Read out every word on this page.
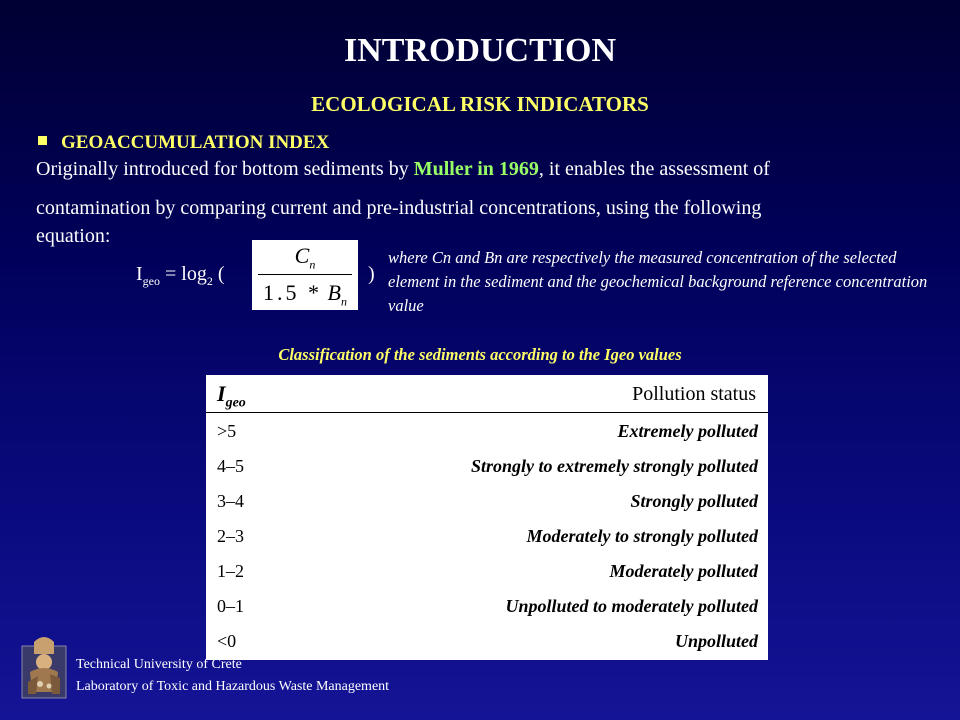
INTRODUCTION
ECOLOGICAL RISK INDICATORS
GEOACCUMULATION INDEX
Originally introduced for bottom sediments by Muller in 1969, it enables the assessment of
contamination by comparing current and pre-industrial concentrations, using the following
equation:
$I_{geo} = \log_2$ (
$C_n$
$1.5 * B_n$
)
where Cn and Bn are respectively the measured concentration of the selected element in the sediment and the geochemical background reference concentration value
Classification of the sediments according to the Igeo values
$I_{geo}$	Pollution status
>5	Extremely polluted
4–5	Strongly to extremely strongly polluted
3–4	Strongly polluted
2–3	Moderately to strongly polluted
1–2	Moderately polluted
0–1	Unpolluted to moderately polluted
<0	Unpolluted
Technical University of Crete
Laboratory of Toxic and Hazardous Waste Management
